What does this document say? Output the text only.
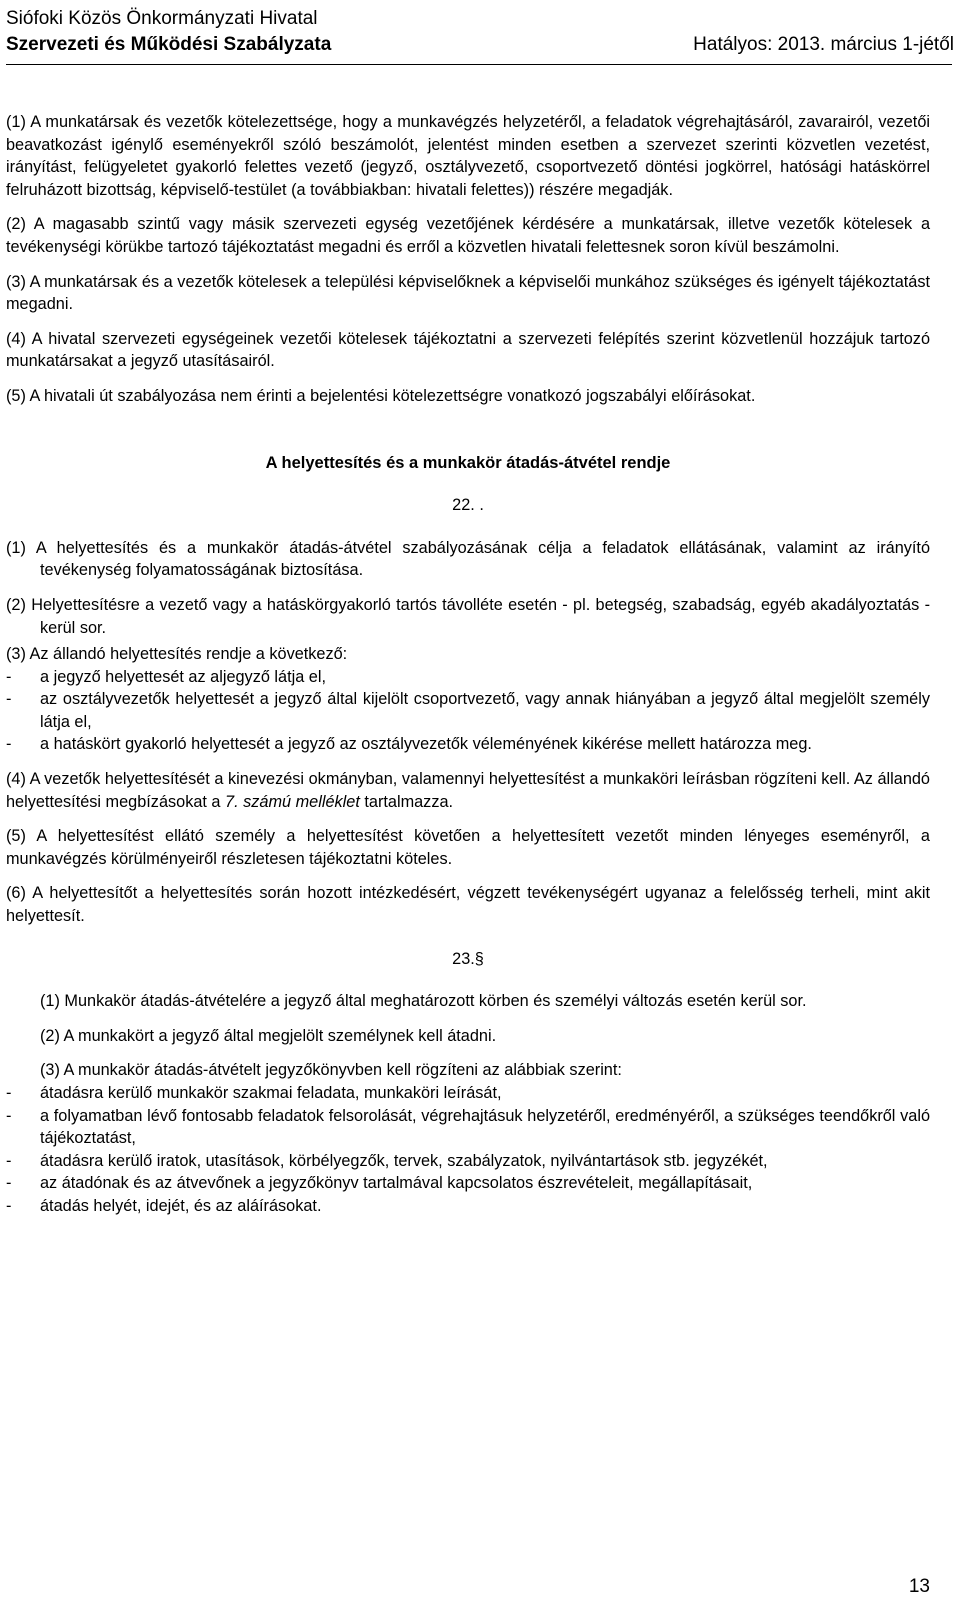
Siófoki Közös Önkormányzati Hivatal
Szervezeti és Működési Szabályzata	Hatályos: 2013. március 1-jétől

(1) A munkatársak és vezetők kötelezettsége, hogy a munkavégzés helyzetéről, a feladatok végrehajtásáról, zavarairól, vezetői beavatkozást igénylő eseményekről szóló beszámolót, jelentést minden esetben a szervezet szerinti közvetlen vezetést, irányítást, felügyeletet gyakorló felettes vezető (jegyző, osztályvezető, csoportvezető döntési jogkörrel, hatósági hatáskörrel felruházott bizottság, képviselő-testület (a továbbiakban: hivatali felettes)) részére megadják.

(2) A magasabb szintű vagy másik szervezeti egység vezetőjének kérdésére a munkatársak, illetve vezetők kötelesek a tevékenységi körükbe tartozó tájékoztatást megadni és erről a közvetlen hivatali felettesnek soron kívül beszámolni.

(3) A munkatársak és a vezetők kötelesek a települési képviselőknek a képviselői munkához szükséges és igényelt tájékoztatást megadni.

(4) A hivatal szervezeti egységeinek vezetői kötelesek tájékoztatni a szervezeti felépítés szerint közvetlenül hozzájuk tartozó munkatársakat a jegyző utasításairól.

(5) A hivatali út szabályozása nem érinti a bejelentési kötelezettségre vonatkozó jogszabályi előírásokat.

A helyettesítés és a munkakör átadás-átvétel rendje
22. .

(1) A helyettesítés és a munkakör átadás-átvétel szabályozásának célja a feladatok ellátásának, valamint az irányító tevékenység folyamatosságának biztosítása.

(2) Helyettesítésre a vezető vagy a hatáskörgyakorló tartós távolléte esetén - pl. betegség, szabadság, egyéb akadályoztatás - kerül sor.

(3) Az állandó helyettesítés rendje a következő:

-	a jegyző helyettesét az aljegyző látja el,
-	az osztályvezetők helyettesét a jegyző által kijelölt csoportvezető, vagy annak hiányában a jegyző által megjelölt személy látja el,
-	a hatáskört gyakorló helyettesét a jegyző az osztályvezetők véleményének kikérése mellett határozza meg.

(4) A vezetők helyettesítését a kinevezési okmányban, valamennyi helyettesítést a munkaköri leírásban rögzíteni kell. Az állandó helyettesítési megbízásokat a 7. számú melléklet tartalmazza.

(5) A helyettesítést ellátó személy a helyettesítést követően a helyettesített vezetőt minden lényeges eseményről, a munkavégzés körülményeiről részletesen tájékoztatni köteles.

(6) A helyettesítőt a helyettesítés során hozott intézkedésért, végzett tevékenységért ugyanaz a felelősség terheli, mint akit helyettesít.

23.§

(1) Munkakör átadás-átvételére a jegyző által meghatározott körben és személyi változás esetén kerül sor.

(2) A munkakört a jegyző által megjelölt személynek kell átadni.

(3) A munkakör átadás-átvételt jegyzőkönyvben kell rögzíteni az alábbiak szerint:

-	átadásra kerülő munkakör szakmai feladata, munkaköri leírását,
-	a folyamatban lévő fontosabb feladatok felsorolását, végrehajtásuk helyzetéről, eredményéről, a szükséges teendőkről való tájékoztatást,
-	átadásra kerülő iratok, utasítások, körbélyegzők, tervek, szabályzatok, nyilvántartások stb. jegyzékét,
-	az átadónak és az átvevőnek a jegyzőkönyv tartalmával kapcsolatos észrevételeit, megállapításait,
-	átadás helyét, idejét, és az aláírásokat.
13
